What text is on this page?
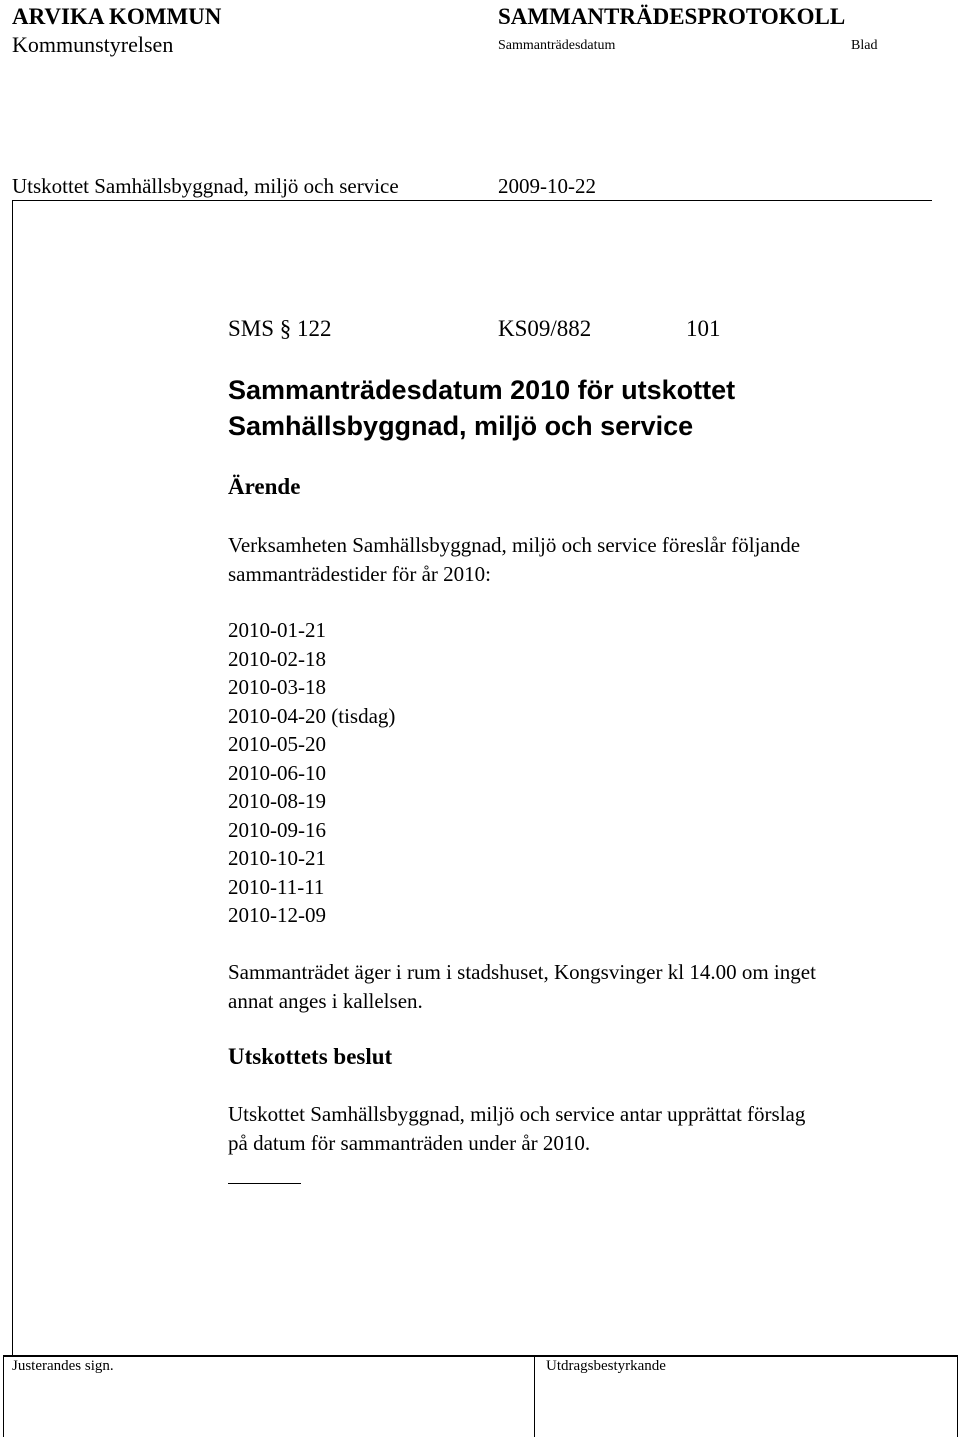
ARVIKA KOMMUN
Kommunstyrelsen
SAMMANTRÄDESPROTOKOLL
Sammanträdesdatum	Blad
Utskottet Samhällsbyggnad, miljö och service	2009-10-22
SMS § 122	KS09/882	101
Sammanträdesdatum 2010 för utskottet
Samhällsbyggnad, miljö och service
Ärende
Verksamheten Samhällsbyggnad, miljö och service föreslår följande
sammanträdestider för år 2010:
2010-01-21
2010-02-18
2010-03-18
2010-04-20 (tisdag)
2010-05-20
2010-06-10
2010-08-19
2010-09-16
2010-10-21
2010-11-11
2010-12-09
Sammanträdet äger i rum i stadshuset, Kongsvinger kl 14.00 om inget
annat anges i kallelsen.
Utskottets beslut
Utskottet Samhällsbyggnad, miljö och service antar upprättat förslag
på datum för sammanträden under år 2010.
Justerandes sign.	Utdragsbestyrkande
